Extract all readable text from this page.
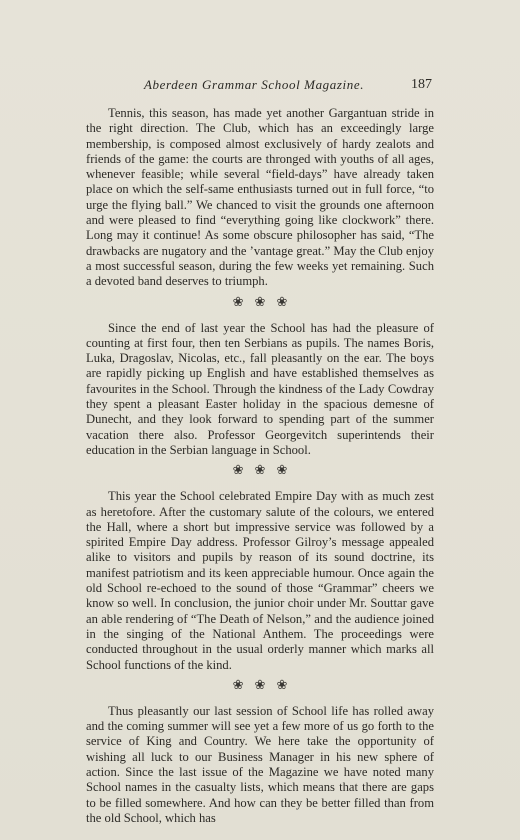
Aberdeen Grammar School Magazine.	187

Tennis, this season, has made yet another Gargantuan stride in the right direction. The Club, which has an exceedingly large membership, is composed almost exclusively of hardy zealots and friends of the game: the courts are thronged with youths of all ages, whenever feasible; while several “field-days” have already taken place on which the self-same enthusiasts turned out in full force, “to urge the flying ball.” We chanced to visit the grounds one afternoon and were pleased to find “everything going like clockwork” there. Long may it continue! As some obscure philosopher has said, “The drawbacks are nugatory and the ’vantage great.” May the Club enjoy a most successful season, during the few weeks yet remaining. Such a devoted band deserves to triumph.

❀❀❀

Since the end of last year the School has had the pleasure of counting at first four, then ten Serbians as pupils. The names Boris, Luka, Dragoslav, Nicolas, etc., fall pleasantly on the ear. The boys are rapidly picking up English and have established themselves as favourites in the School. Through the kindness of the Lady Cowdray they spent a pleasant Easter holiday in the spacious demesne of Dunecht, and they look forward to spending part of the summer vacation there also. Professor Georgevitch superintends their education in the Serbian language in School.

❀❀❀

This year the School celebrated Empire Day with as much zest as heretofore. After the customary salute of the colours, we entered the Hall, where a short but impressive service was followed by a spirited Empire Day address. Professor Gilroy’s message appealed alike to visitors and pupils by reason of its sound doctrine, its manifest patriotism and its keen appreciable humour. Once again the old School re-echoed to the sound of those “Grammar” cheers we know so well. In conclusion, the junior choir under Mr. Souttar gave an able rendering of “The Death of Nelson,” and the audience joined in the singing of the National Anthem. The proceedings were conducted throughout in the usual orderly manner which marks all School functions of the kind.

❀❀❀

Thus pleasantly our last session of School life has rolled away and the coming summer will see yet a few more of us go forth to the service of King and Country. We here take the opportunity of wishing all luck to our Business Manager in his new sphere of action. Since the last issue of the Magazine we have noted many School names in the casualty lists, which means that there are gaps to be filled somewhere. And how can they be better filled than from the old School, which has
